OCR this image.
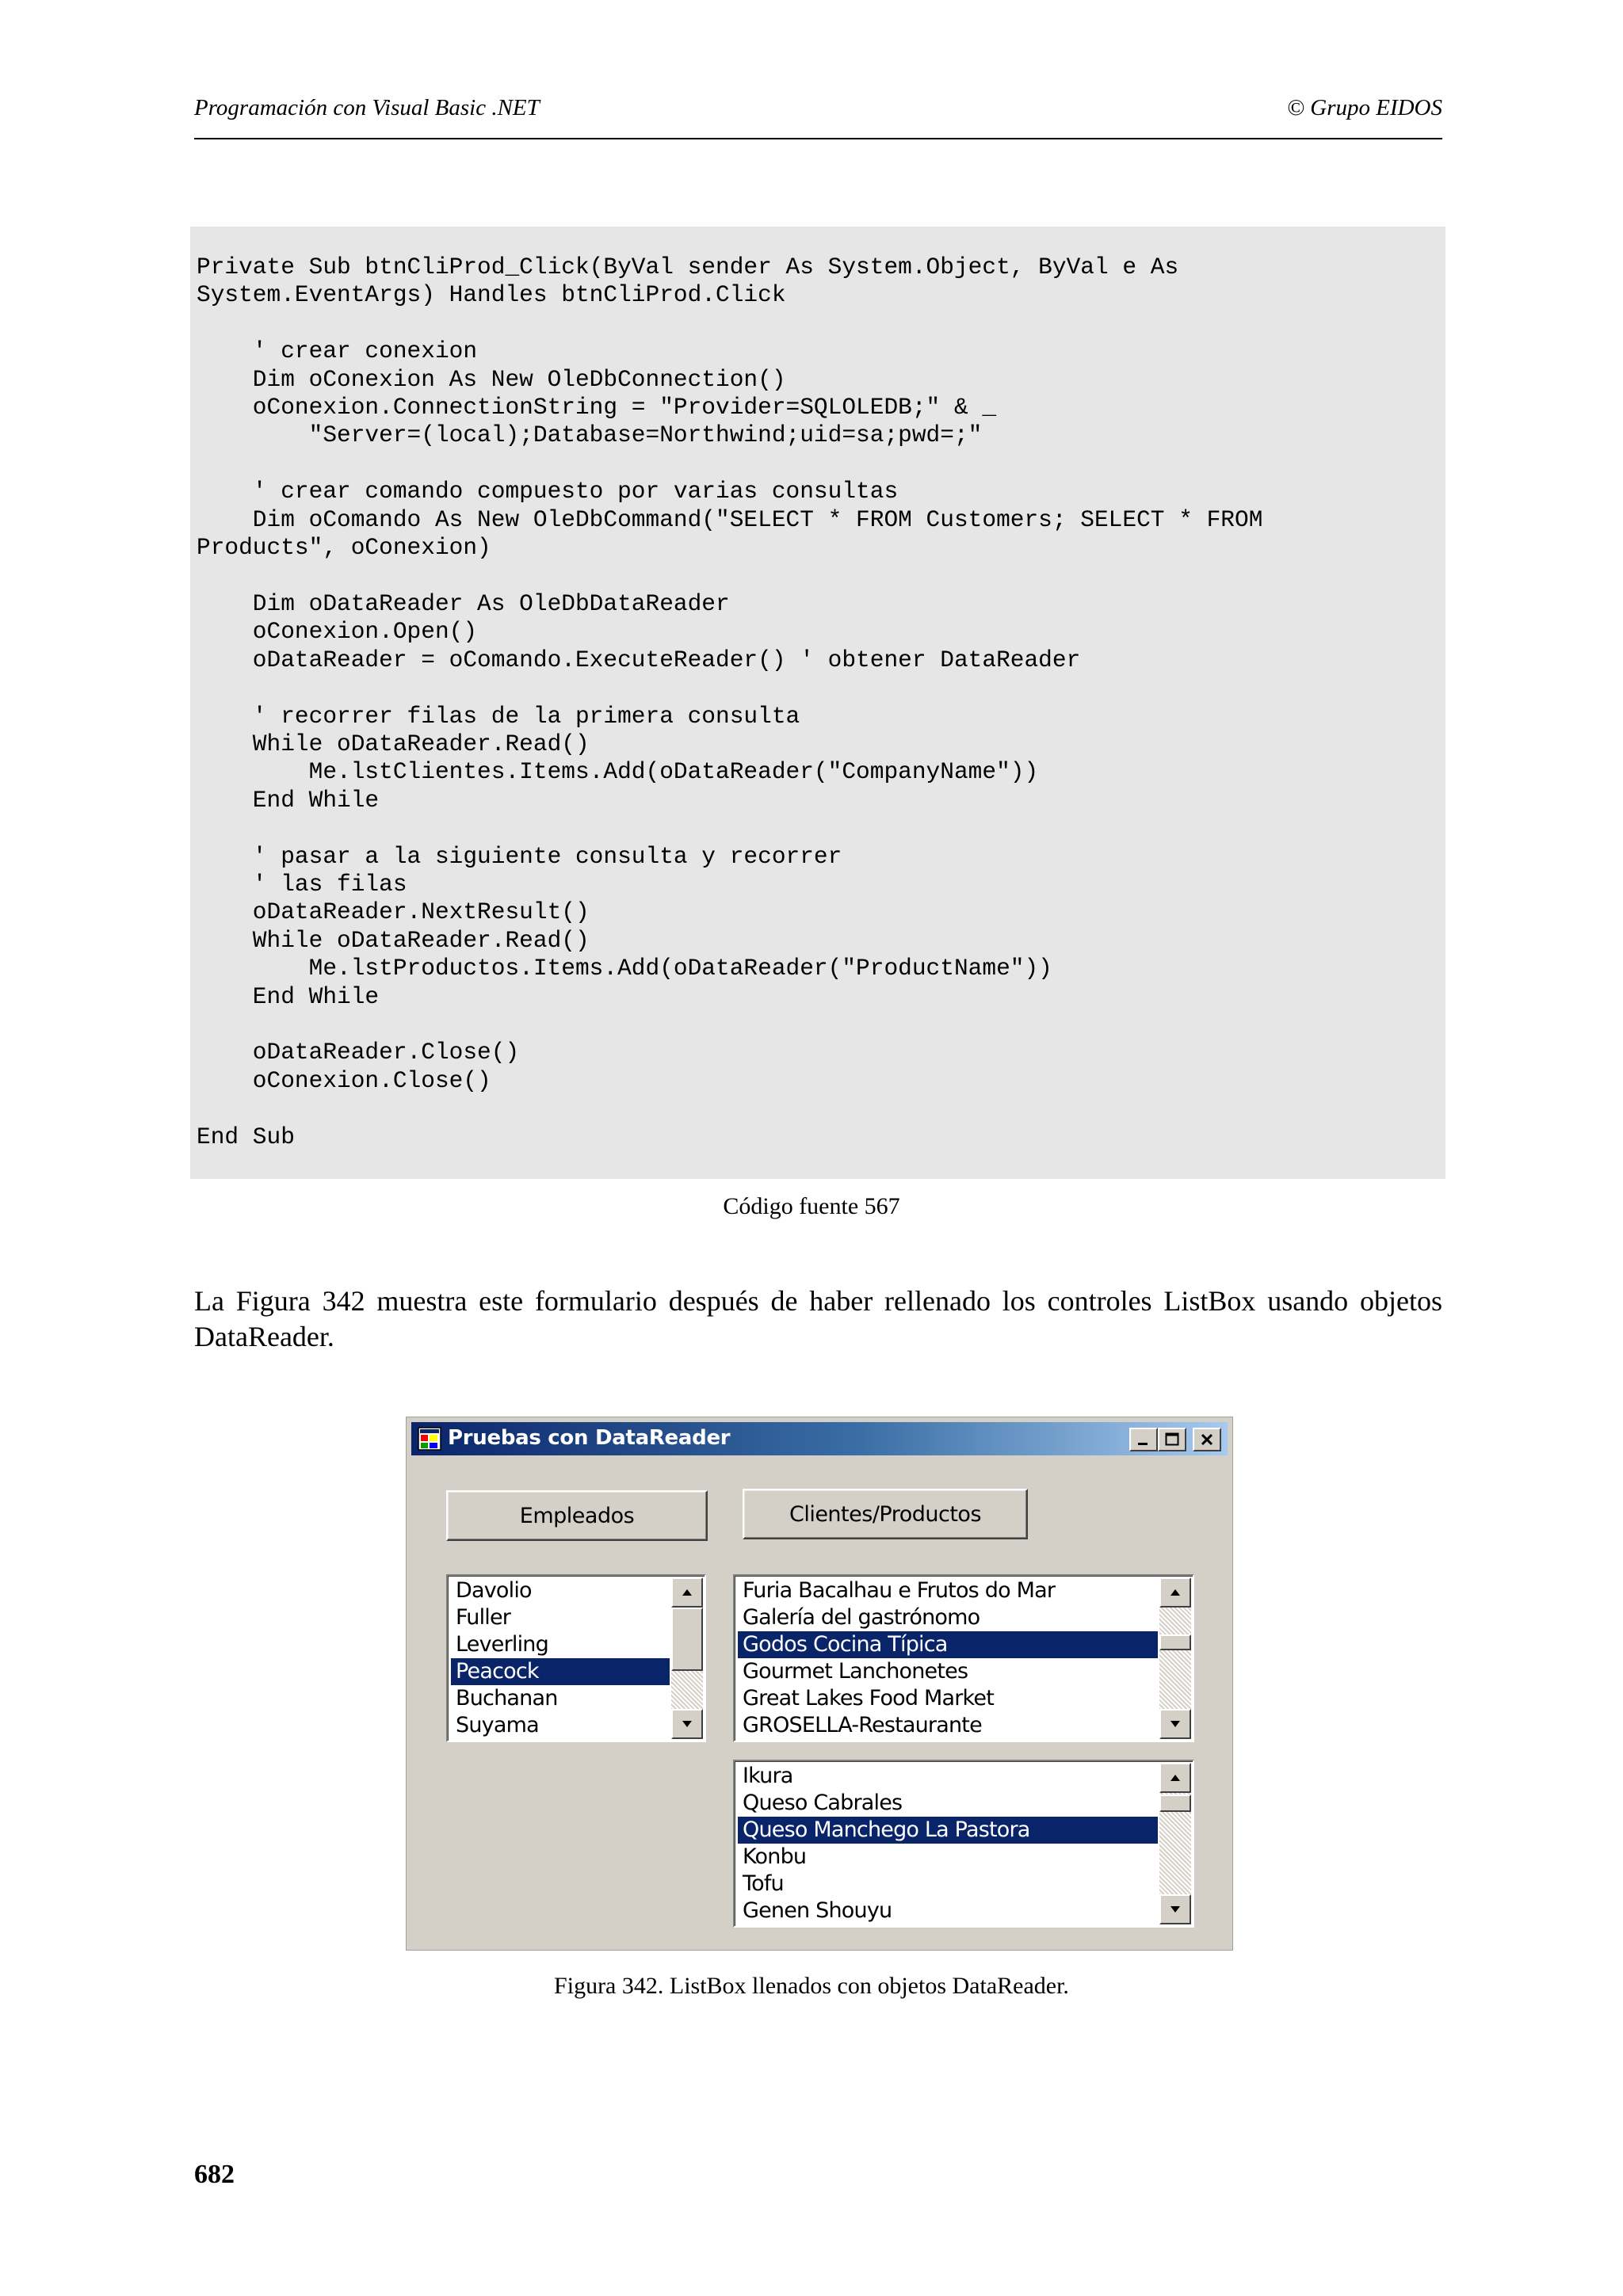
Programación con Visual Basic .NET	© Grupo EIDOS
Private Sub btnCliProd_Click(ByVal sender As System.Object, ByVal e As
System.EventArgs) Handles btnCliProd.Click

' crear conexion
Dim oConexion As New OleDbConnection()
oConexion.ConnectionString = "Provider=SQLOLEDB;" & _
"Server=(local);Database=Northwind;uid=sa;pwd=;"

' crear comando compuesto por varias consultas
Dim oComando As New OleDbCommand("SELECT * FROM Customers; SELECT * FROM
Products", oConexion)

Dim oDataReader As OleDbDataReader
oConexion.Open()
oDataReader = oComando.ExecuteReader() ' obtener DataReader

' recorrer filas de la primera consulta
While oDataReader.Read()
Me.lstClientes.Items.Add(oDataReader("CompanyName"))
End While

' pasar a la siguiente consulta y recorrer
' las filas
oDataReader.NextResult()
While oDataReader.Read()
Me.lstProductos.Items.Add(oDataReader("ProductName"))
End While

oDataReader.Close()
oConexion.Close()

End Sub
Código fuente 567
La Figura 342 muestra este formulario después de haber rellenado los controles ListBox usando objetos DataReader.
Pruebas con DataReader
Empleados	Clientes/Productos
Davolio
Fuller
Leverling
Peacock
Buchanan
Suyama
Furia Bacalhau e Frutos do Mar
Galería del gastrónomo
Godos Cocina Típica
Gourmet Lanchonetes
Great Lakes Food Market
GROSELLA-Restaurante
Ikura
Queso Cabrales
Queso Manchego La Pastora
Konbu
Tofu
Genen Shouyu
Figura 342. ListBox llenados con objetos DataReader.
682
